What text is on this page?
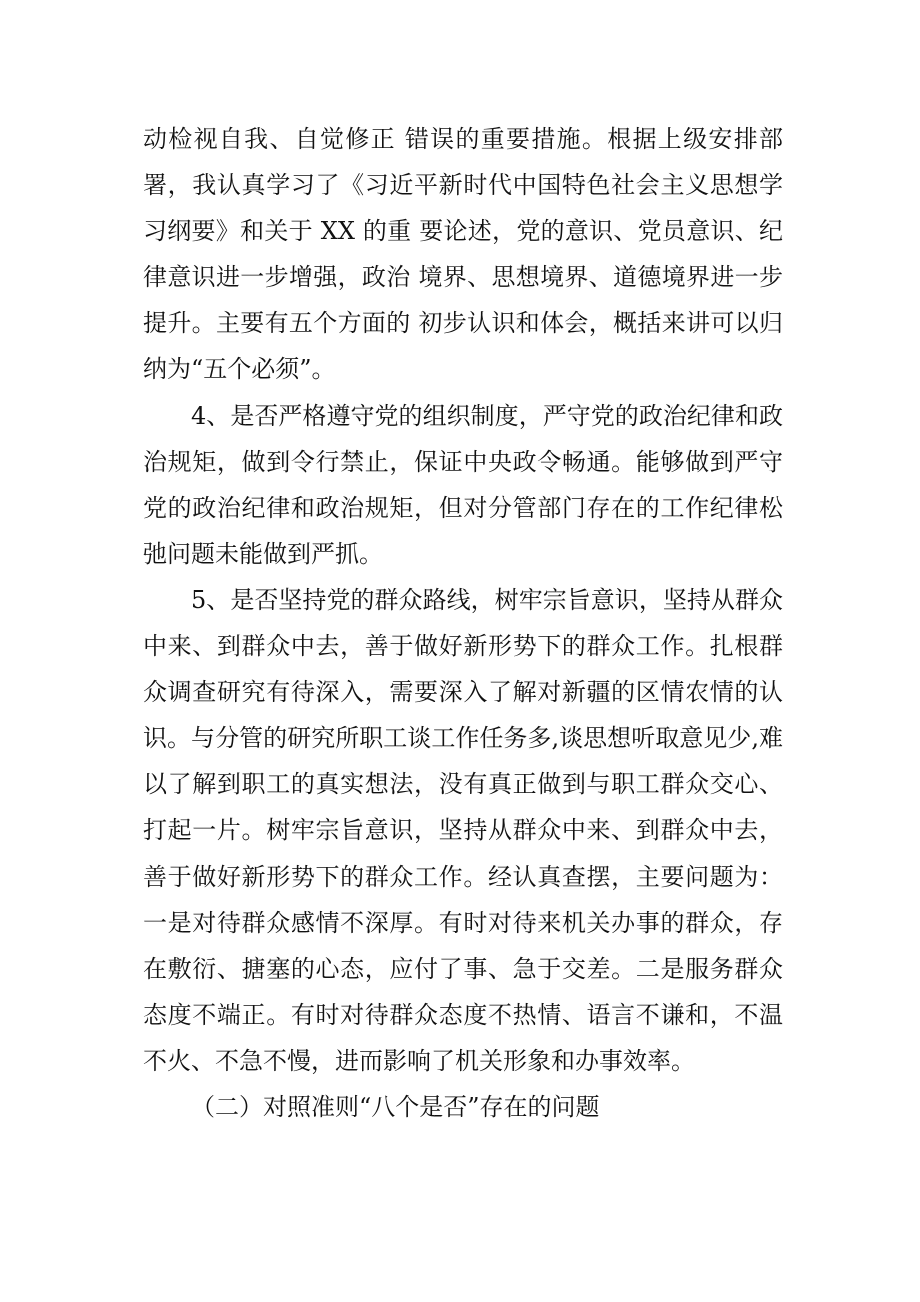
动检视自我、自觉修正 错误的重要措施。根据上级安排部署，我认真学习了《习近平新时代中国特色社会主义思想学习纲要》和关于 XX 的重 要论述，党的意识、党员意识、纪律意识进一步增强，政治 境界、思想境界、道德境界进一步提升。主要有五个方面的 初步认识和体会，概括来讲可以归纳为“五个必须”。

4、是否严格遵守党的组织制度，严守党的政治纪律和政治规矩，做到令行禁止，保证中央政令畅通。能够做到严守党的政治纪律和政治规矩，但对分管部门存在的工作纪律松弛问题未能做到严抓。

5、是否坚持党的群众路线，树牢宗旨意识，坚持从群众中来、到群众中去，善于做好新形势下的群众工作。扎根群众调查研究有待深入，需要深入了解对新疆的区情农情的认识。与分管的研究所职工谈工作任务多,谈思想听取意见少,难以了解到职工的真实想法，没有真正做到与职工群众交心、打起一片。树牢宗旨意识，坚持从群众中来、到群众中去，善于做好新形势下的群众工作。经认真查摆，主要问题为：一是对待群众感情不深厚。有时对待来机关办事的群众，存在敷衍、搪塞的心态，应付了事、急于交差。二是服务群众态度不端正。有时对待群众态度不热情、语言不谦和，不温不火、不急不慢，进而影响了机关形象和办事效率。

（二）对照准则“八个是否”存在的问题
